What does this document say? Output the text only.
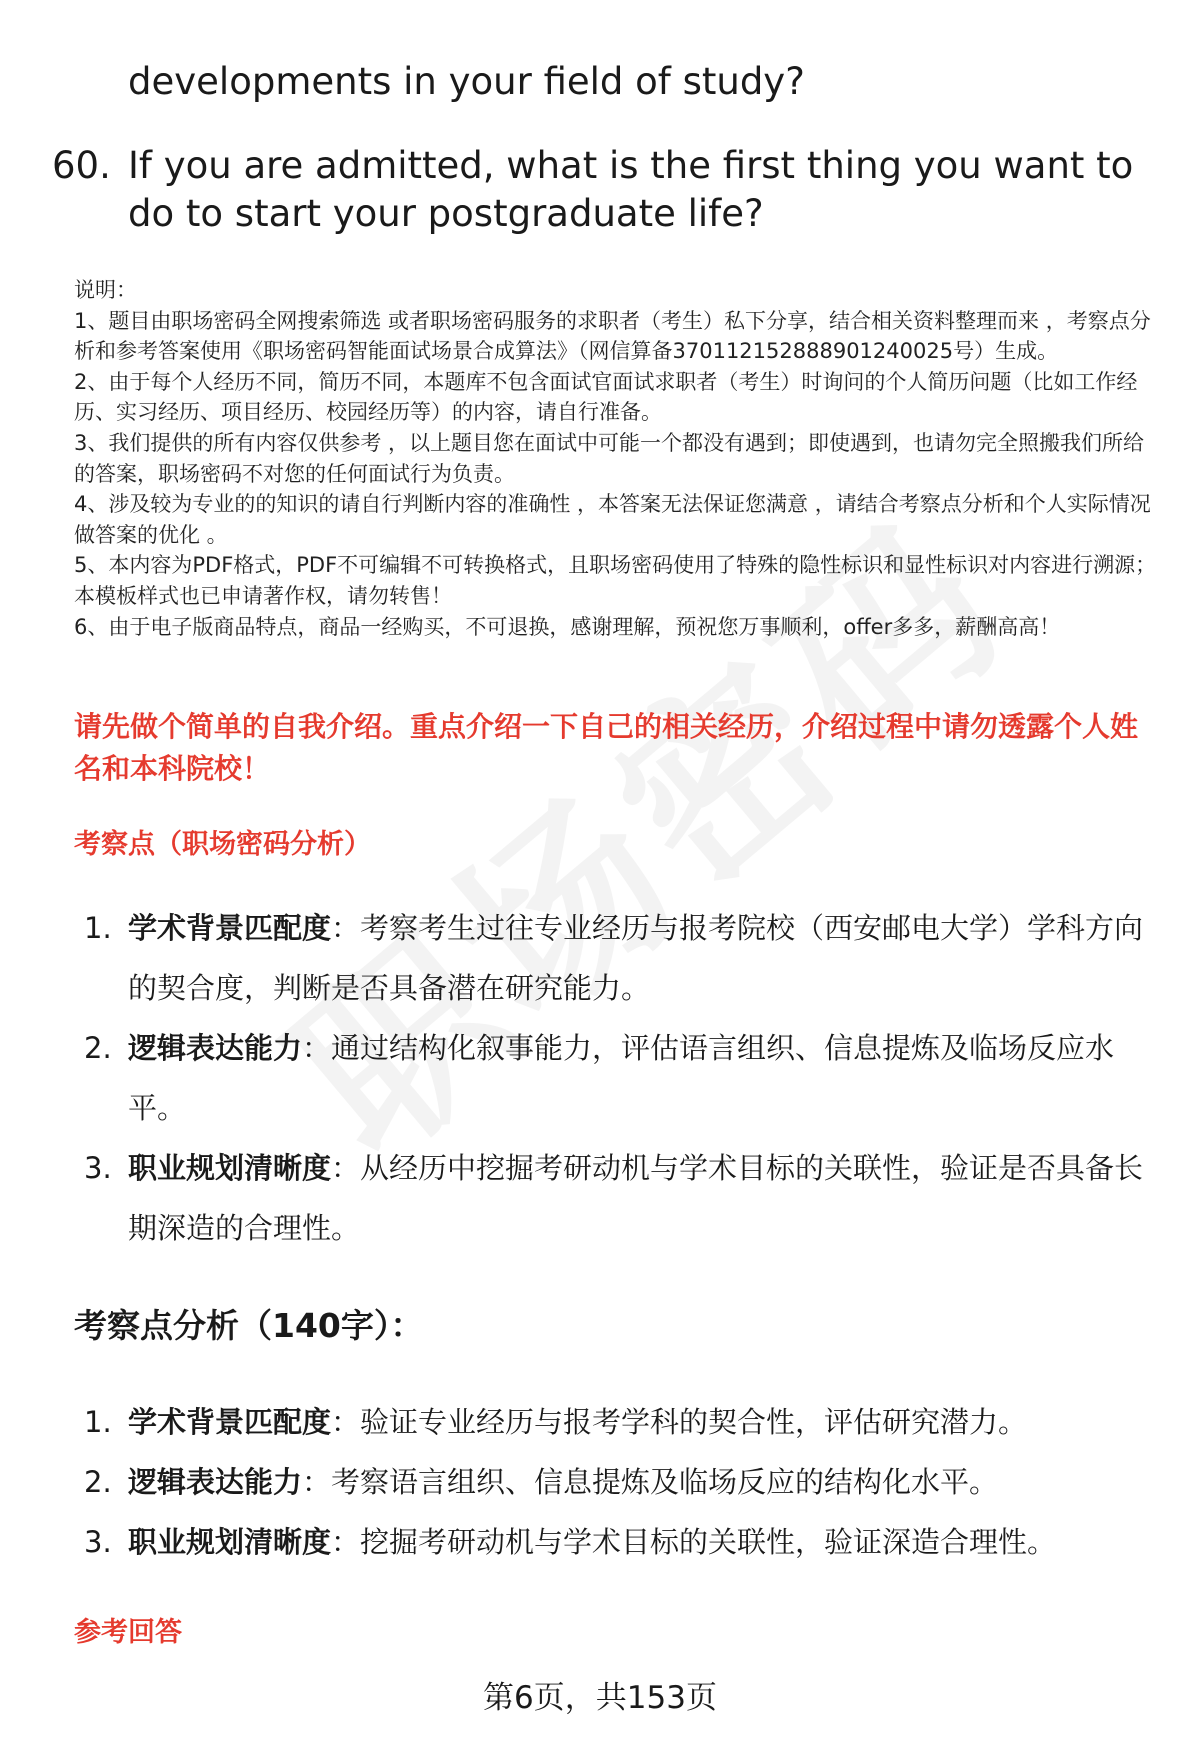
developments in your field of study?
60. If you are admitted, what is the first thing you want to do to start your postgraduate life?

说明：

1、题目由职场密码全网搜索筛选 或者职场密码服务的求职者（考生）私下分享，结合相关资料整理而来 ，考察点分析和参考答案使用《职场密码智能面试场景合成算法》（网信算备370112152888901240025号）生成。

2、由于每个人经历不同，简历不同，本题库不包含面试官面试求职者（考生）时询问的个人简历问题（比如工作经历、实习经历、项目经历、校园经历等）的内容，请自行准备。

3、我们提供的所有内容仅供参考 ，以上题目您在面试中可能一个都没有遇到；即使遇到，也请勿完全照搬我们所给的答案，职场密码不对您的任何面试行为负责。

4、涉及较为专业的的知识的请自行判断内容的准确性 ，本答案无法保证您满意 ，请结合考察点分析和个人实际情况做答案的优化 。

5、本内容为PDF格式，PDF不可编辑不可转换格式，且职场密码使用了特殊的隐性标识和显性标识对内容进行溯源；本模板样式也已申请著作权，请勿转售！

6、由于电子版商品特点，商品一经购买，不可退换，感谢理解，预祝您万事顺利，offer多多，薪酬高高！

请先做个简单的自我介绍。重点介绍一下自己的相关经历，介绍过程中请勿透露个人姓名和本科院校！
考察点（职场密码分析）
1. 学术背景匹配度：考察考生过往专业经历与报考院校（西安邮电大学）学科方向的契合度，判断是否具备潜在研究能力。
2. 逻辑表达能力：通过结构化叙事能力，评估语言组织、信息提炼及临场反应水平。
3. 职业规划清晰度：从经历中挖掘考研动机与学术目标的关联性，验证是否具备长期深造的合理性。
考察点分析（140字）：
1. 学术背景匹配度：验证专业经历与报考学科的契合性，评估研究潜力。
2. 逻辑表达能力：考察语言组织、信息提炼及临场反应的结构化水平。
3. 职业规划清晰度：挖掘考研动机与学术目标的关联性，验证深造合理性。
参考回答
第6页，共153页
